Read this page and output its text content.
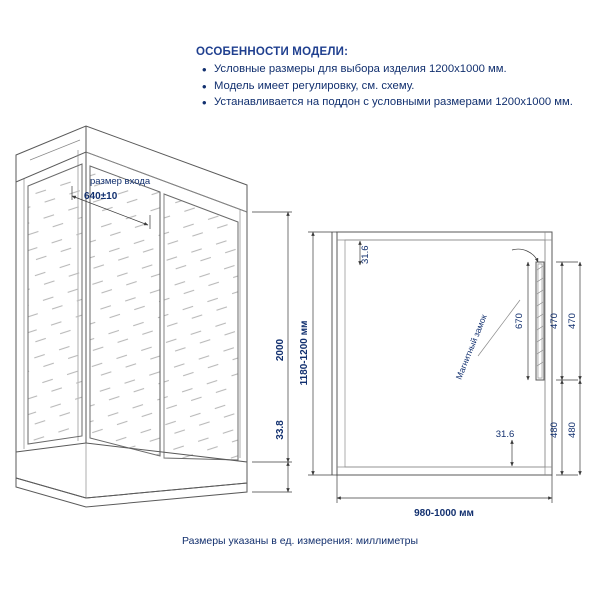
размер входа
640±10
2000
33.8
Магнитный замок
31.6
31.6
670	470 470
480 480
1180-1200 мм
980-1000 мм

ОСОБЕННОСТИ МОДЕЛИ:

• Условные размеры для выбора изделия 1200x1000 мм.
• Модель имеет регулировку, см. схему.
• Устанавливается на поддон с условными размерами 1200x1000 мм.
Размеры указаны в ед. измерения: миллиметры
